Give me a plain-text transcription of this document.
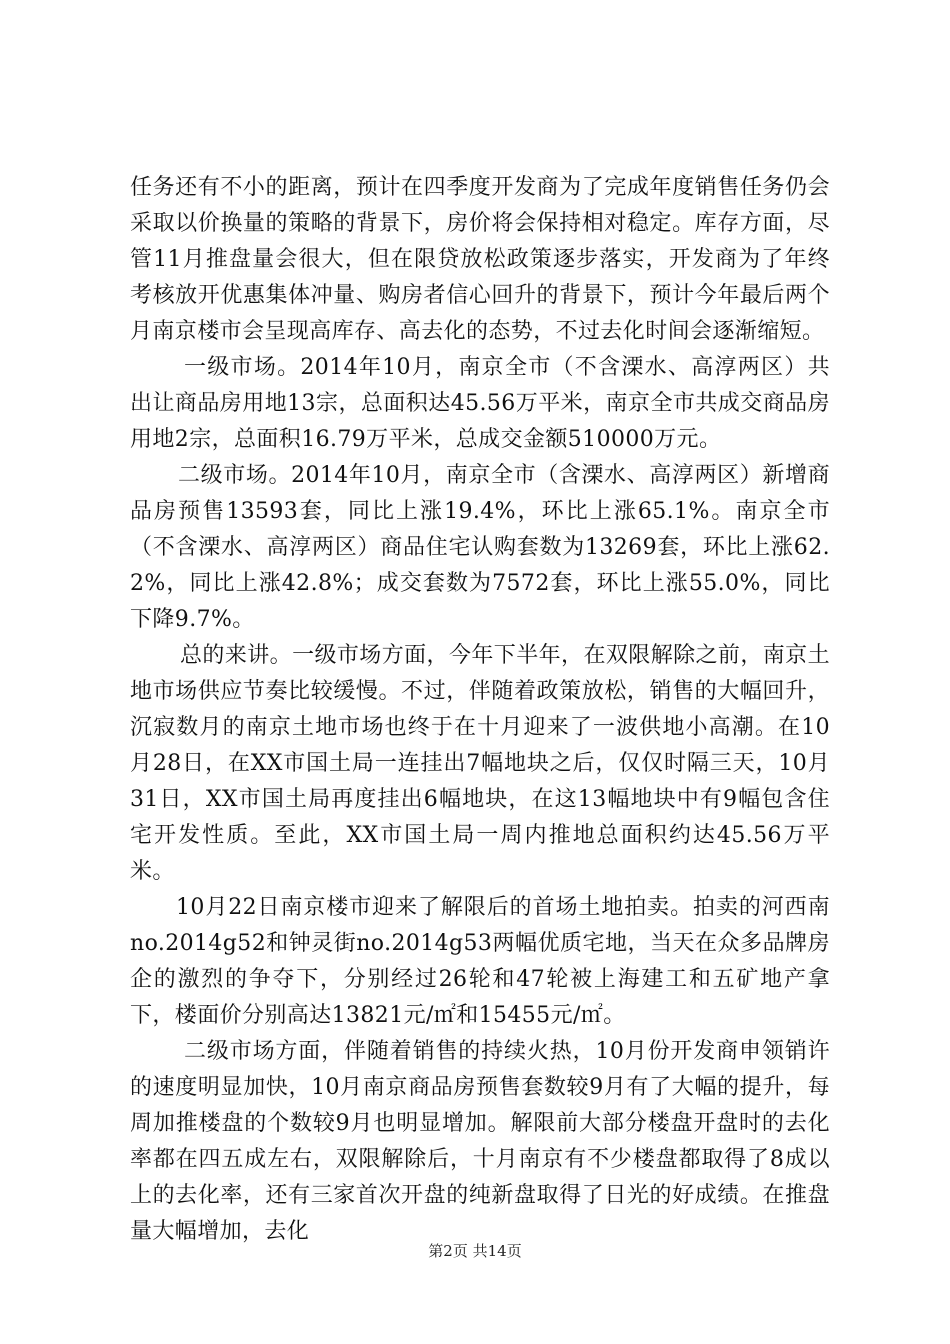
任务还有不小的距离，预计在四季度开发商为了完成年度销售任务仍会采取以价换量的策略的背景下，房价将会保持相对稳定。库存方面，尽管11月推盘量会很大，但在限贷放松政策逐步落实，开发商为了年终考核放开优惠集体冲量、购房者信心回升的背景下，预计今年最后两个月南京楼市会呈现高库存、高去化的态势，不过去化时间会逐渐缩短。

一级市场。2014年10月，南京全市（不含溧水、高淳两区）共出让商品房用地13宗，总面积达45.56万平米，南京全市共成交商品房用地2宗，总面积16.79万平米，总成交金额510000万元。

二级市场。2014年10月，南京全市（含溧水、高淳两区）新增商品房预售13593套，同比上涨19.4%，环比上涨65.1%。南京全市（不含溧水、高淳两区）商品住宅认购套数为13269套，环比上涨62.2%，同比上涨42.8%；成交套数为7572套，环比上涨55.0%，同比下降9.7%。

总的来讲。一级市场方面，今年下半年，在双限解除之前，南京土地市场供应节奏比较缓慢。不过，伴随着政策放松，销售的大幅回升，沉寂数月的南京土地市场也终于在十月迎来了一波供地小高潮。在10月28日，在XX市国土局一连挂出7幅地块之后，仅仅时隔三天，10月31日，XX市国土局再度挂出6幅地块，在这13幅地块中有9幅包含住宅开发性质。至此，XX市国土局一周内推地总面积约达45.56万平米。

10月22日南京楼市迎来了解限后的首场土地拍卖。拍卖的河西南no.2014g52和钟灵街no.2014g53两幅优质宅地，当天在众多品牌房企的激烈的争夺下，分别经过26轮和47轮被上海建工和五矿地产拿下，楼面价分别高达13821元/㎡和15455元/㎡。

二级市场方面，伴随着销售的持续火热，10月份开发商申领销许的速度明显加快，10月南京商品房预售套数较9月有了大幅的提升，每周加推楼盘的个数较9月也明显增加。解限前大部分楼盘开盘时的去化率都在四五成左右，双限解除后，十月南京有不少楼盘都取得了8成以上的去化率，还有三家首次开盘的纯新盘取得了日光的好成绩。在推盘量大幅增加，去化

第2页 共14页
